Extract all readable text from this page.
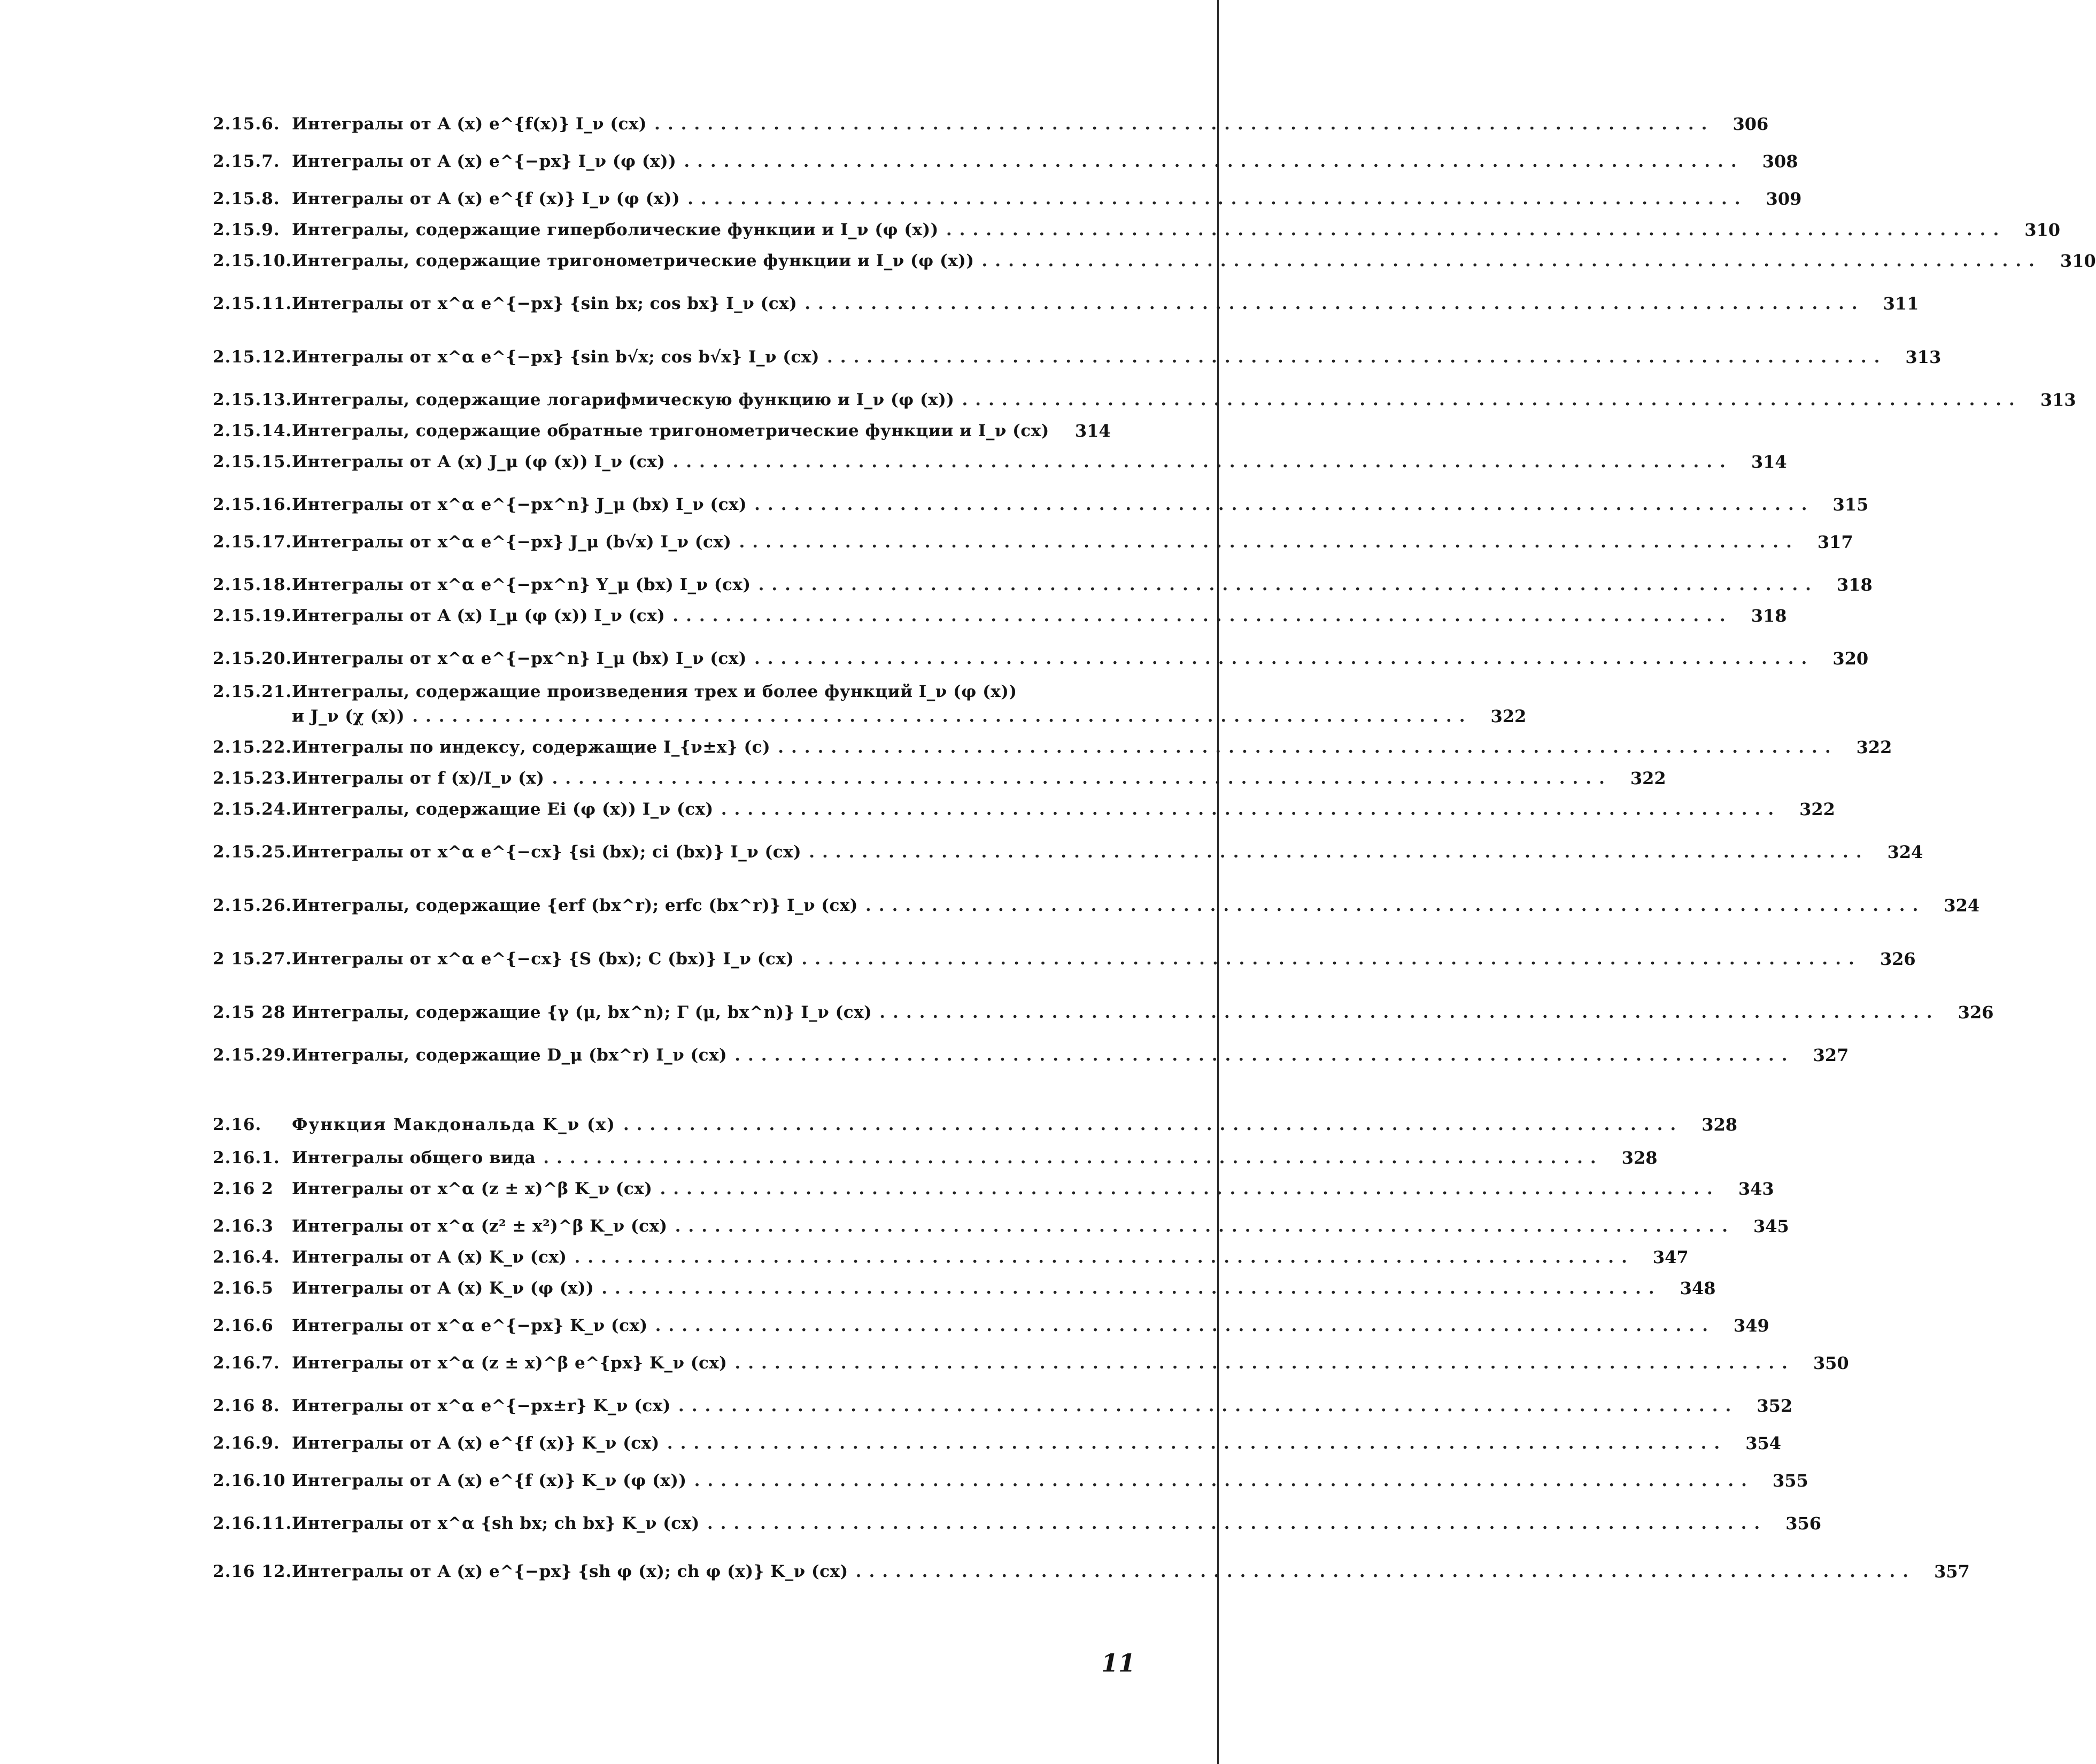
2.15.6. Интегралы от A (x) e^{f(x)} I_ν (cx) ................................................................................ 306
2.15.7. Интегралы от A (x) e^{−px} I_ν (φ (x)) ................................................................................ 308
2.15.8. Интегралы от A (x) e^{f (x)} I_ν (φ (x)) ................................................................................ 309
2.15.9. Интегралы, содержащие гиперболические функции и I_ν (φ (x)) ................................................................................ 310
2.15.10. Интегралы, содержащие тригонометрические функции и I_ν (φ (x)) ................................................................................ 310
2.15.11. Интегралы от x^α e^{−px} {sin bx; cos bx} I_ν (cx) ................................................................................ 311
2.15.12. Интегралы от x^α e^{−px} {sin b√x; cos b√x} I_ν (cx) ................................................................................ 313
2.15.13. Интегралы, содержащие логарифмическую функцию и I_ν (φ (x)) ................................................................................ 313
2.15.14. Интегралы, содержащие обратные тригонометрические функции и I_ν (cx) 314
2.15.15. Интегралы от A (x) J_μ (φ (x)) I_ν (cx) ................................................................................ 314
2.15.16. Интегралы от x^α e^{−px^n} J_μ (bx) I_ν (cx) ................................................................................ 315
2.15.17. Интегралы от x^α e^{−px} J_μ (b√x) I_ν (cx) ................................................................................ 317
2.15.18. Интегралы от x^α e^{−px^n} Y_μ (bx) I_ν (cx) ................................................................................ 318
2.15.19. Интегралы от A (x) I_μ (φ (x)) I_ν (cx) ................................................................................ 318
2.15.20. Интегралы от x^α e^{−px^n} I_μ (bx) I_ν (cx) ................................................................................ 320
2.15.21. Интегралы, содержащие произведения трех и более функций I_ν (φ (x))
и J_ν (χ (x)) ................................................................................ 322
2.15.22. Интегралы по индексу, содержащие I_{ν±x} (c) ................................................................................ 322
2.15.23. Интегралы от f (x)/I_ν (x) ................................................................................ 322
2.15.24. Интегралы, содержащие Ei (φ (x)) I_ν (cx) ................................................................................ 322
2.15.25. Интегралы от x^α e^{−cx} {si (bx); ci (bx)} I_ν (cx) ................................................................................ 324
2.15.26. Интегралы, содержащие {erf (bx^r); erfc (bx^r)} I_ν (cx) ................................................................................ 324
2 15.27. Интегралы от x^α e^{−cx} {S (bx); C (bx)} I_ν (cx) ................................................................................ 326
2.15 28 Интегралы, содержащие {γ (μ, bx^n); Γ (μ, bx^n)} I_ν (cx) ................................................................................ 326
2.15.29. Интегралы, содержащие D_μ (bx^r) I_ν (cx) ................................................................................ 327
2.16.	Функция Макдональда K_ν (x) ................................................................................ 328
2.16.1. Интегралы общего вида ................................................................................ 328
2.16 2	Интегралы от x^α (z ± x)^β K_ν (cx) ................................................................................ 343
2.16.3	Интегралы от x^α (z² ± x²)^β K_ν (cx) ................................................................................ 345
2.16.4. Интегралы от A (x) K_ν (cx) ................................................................................ 347
2.16.5	Интегралы от A (x) K_ν (φ (x)) ................................................................................ 348
2.16.6	Интегралы от x^α e^{−px} K_ν (cx) ................................................................................ 349
2.16.7. Интегралы от x^α (z ± x)^β e^{px} K_ν (cx) ................................................................................ 350
2.16 8. Интегралы от x^α e^{−px±r} K_ν (cx) ................................................................................ 352
2.16.9. Интегралы от A (x) e^{f (x)} K_ν (cx) ................................................................................ 354
2.16.10 Интегралы от A (x) e^{f (x)} K_ν (φ (x)) ................................................................................ 355
2.16.11. Интегралы от x^α {sh bx; ch bx} K_ν (cx) ................................................................................ 356
2.16 12. Интегралы от A (x) e^{−px} {sh φ (x); ch φ (x)} K_ν (cx) ................................................................................ 357
11
